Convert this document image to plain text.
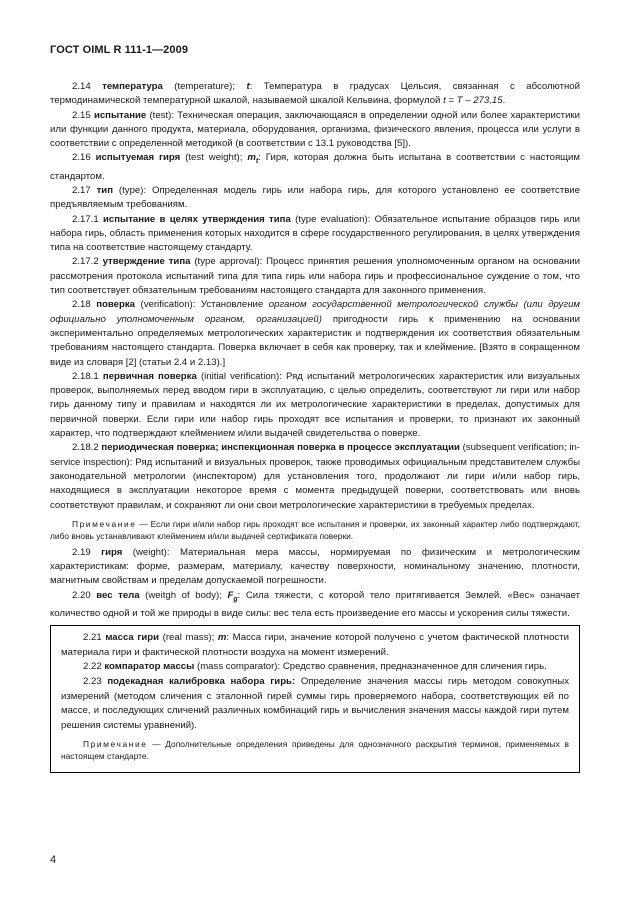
ГОСТ OIML R 111-1—2009

2.14 температура (temperature); t: Температура в градусах Цельсия, связанная с абсолютной термодинамической температурной шкалой, называемой шкалой Кельвина, формулой t = T – 273,15.

2.15 испытание (test): Техническая операция, заключающаяся в определении одной или более характеристики или функции данного продукта, материала, оборудования, организма, физического явления, процесса или услуги в соответствии с определенной методикой (в соответствии с 13.1 руководства [5]).

2.16 испытуемая гиря (test weight); $m_t$: Гиря, которая должна быть испытана в соответствии с настоящим стандартом.

2.17 тип (type): Определенная модель гирь или набора гирь, для которого установлено ее соответствие предъявляемым требованиям.

2.17.1 испытание в целях утверждения типа (type evaluation): Обязательное испытание образцов гирь или набора гирь, область применения которых находится в сфере государственного регулирования, в целях утверждения типа на соответствие настоящему стандарту.

2.17.2 утверждение типа (type approval): Процесс принятия решения уполномоченным органом на основании рассмотрения протокола испытаний типа для типа гирь или набора гирь и профессиональное суждение о том, что тип соответствует обязательным требованиям настоящего стандарта для законного применения.

2.18 поверка (verification): Установление органом государственной метрологической службы (или другим официально уполномоченным органом, организацией) пригодности гирь к применению на основании экспериментально определяемых метрологических характеристик и подтверждения их соответствия обязательным требованиям настоящего стандарта. Поверка включает в себя как проверку, так и клеймение. [Взято в сокращенном виде из словаря [2] (статьи 2.4 и 2.13).]

2.18.1 первичная поверка (initial verification): Ряд испытаний метрологических характеристик или визуальных проверок, выполняемых перед вводом гири в эксплуатацию, с целью определить, соответствуют ли гири или набор гирь данному типу и правилам и находятся ли их метрологические характеристики в пределах, допустимых для первичной поверки. Если гири или набор гирь проходят все испытания и проверки, то признают их законный характер, что подтверждают клеймением и/или выдачей свидетельства о поверке.

2.18.2 периодическая поверка; инспекционная поверка в процессе эксплуатации (subsequent verification; in-service inspection): Ряд испытаний и визуальных проверок, также проводимых официальным представителем службы законодательной метрологии (инспектором) для установления того, продолжают ли гири и/или набор гирь, находящиеся в эксплуатации некоторое время с момента предыдущей поверки, соответствовать или вновь соответствуют правилам, и сохраняют ли они свои метрологические характеристики в требуемых пределах.

Примечание — Если гири и/или набор гирь проходят все испытания и проверки, их законный характер либо подтверждают, либо вновь устанавливают клеймением и/или выдачей сертификата поверки.

2.19 гиря (weight): Материальная мера массы, нормируемая по физическим и метрологическим характеристикам: форме, размерам, материалу, качеству поверхности, номинальному значению, плотности, магнитным свойствам и пределам допускаемой погрешности.

2.20 вес тела (weitgh of body); $F_g$: Сила тяжести, с которой тело притягивается Землей. «Вес» означает количество одной и той же природы в виде силы: вес тела есть произведение его массы и ускорения силы тяжести.

2.21 масса гири (real mass); m: Масса гири, значение которой получено с учетом фактической плотности материала гири и фактической плотности воздуха на момент измерений.

2.22 компаратор массы (mass comparator): Средство сравнения, предназначенное для сличения гирь.

2.23 подекадная калибровка набора гирь: Определение значения массы гирь методом совокупных измерений (методом сличения с эталонной гирей суммы гирь проверяемого набора, соответствующих ей по массе, и последующих сличений различных комбинаций гирь и вычисления значения массы каждой гири путем решения системы уравнений).

Примечание — Дополнительные определения приведены для однозначного раскрытия терминов, применяемых в настоящем стандарте.

4
